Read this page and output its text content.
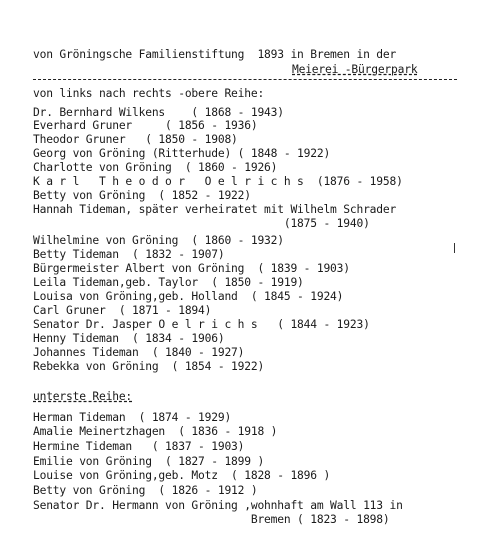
von Gröningsche Familienstiftung  1893 in Bremen in der
Meierei -Bürgerpark
von links nach rechts -obere Reihe:
Dr. Bernhard Wilkens    ( 1868 - 1943)
Everhard Gruner     ( 1856 - 1936)
Theodor Gruner   ( 1850 - 1908)
Georg von Gröning (Ritterhude) ( 1848 - 1922)
Charlotte von Gröning  ( 1860 - 1926)
K a r l   T h e o d o r   O e l r i c h s  (1876 - 1958)
Betty von Gröning  ( 1852 - 1922)
Hannah Tideman, später verheiratet mit Wilhelm Schrader
(1875 - 1940)
Wilhelmine von Gröning  ( 1860 - 1932)
Betty Tideman  ( 1832 - 1907)
Bürgermeister Albert von Gröning  ( 1839 - 1903)
Leila Tideman,geb. Taylor  ( 1850 - 1919)
Louisa von Gröning,geb. Holland  ( 1845 - 1924)
Carl Gruner  ( 1871 - 1894)
Senator Dr. Jasper O e l r i c h s   ( 1844 - 1923)
Henny Tideman  ( 1834 - 1906)
Johannes Tideman  ( 1840 - 1927)
Rebekka von Gröning  ( 1854 - 1922)
unterste Reihe:
Herman Tideman  ( 1874 - 1929)
Amalie Meinertzhagen  ( 1836 - 1918 )
Hermine Tideman   ( 1837 - 1903)
Emilie von Gröning  ( 1827 - 1899 )
Louise von Gröning,geb. Motz  ( 1828 - 1896 )
Betty von Gröning  ( 1826 - 1912 )
Senator Dr. Hermann von Gröning ,wohnhaft am Wall 113 in
Bremen ( 1823 - 1898)
